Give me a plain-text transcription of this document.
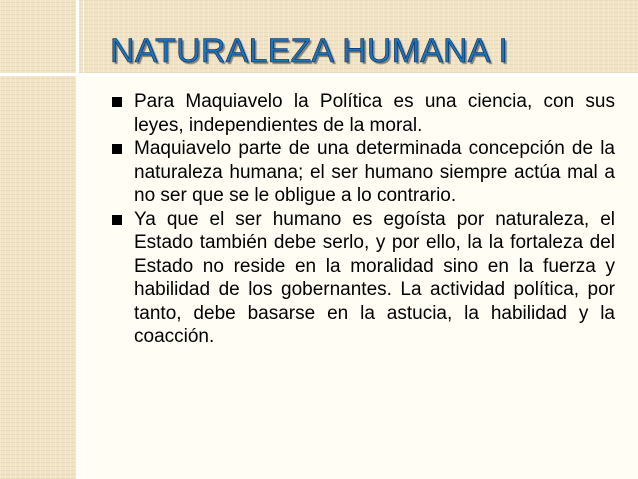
NATURALEZA HUMANA I
Para Maquiavelo la Política es una ciencia, con sus leyes, independientes de la moral.
Maquiavelo parte de una determinada concepción de la naturaleza humana; el ser humano siempre actúa mal a no ser que se le obligue a lo contrario.
Ya que el ser humano es egoísta por naturaleza, el Estado también debe serlo, y por ello, la la fortaleza del Estado no reside en la moralidad sino en la fuerza y habilidad de los gobernantes. La actividad política, por tanto, debe basarse en la astucia, la habilidad y la coacción.
